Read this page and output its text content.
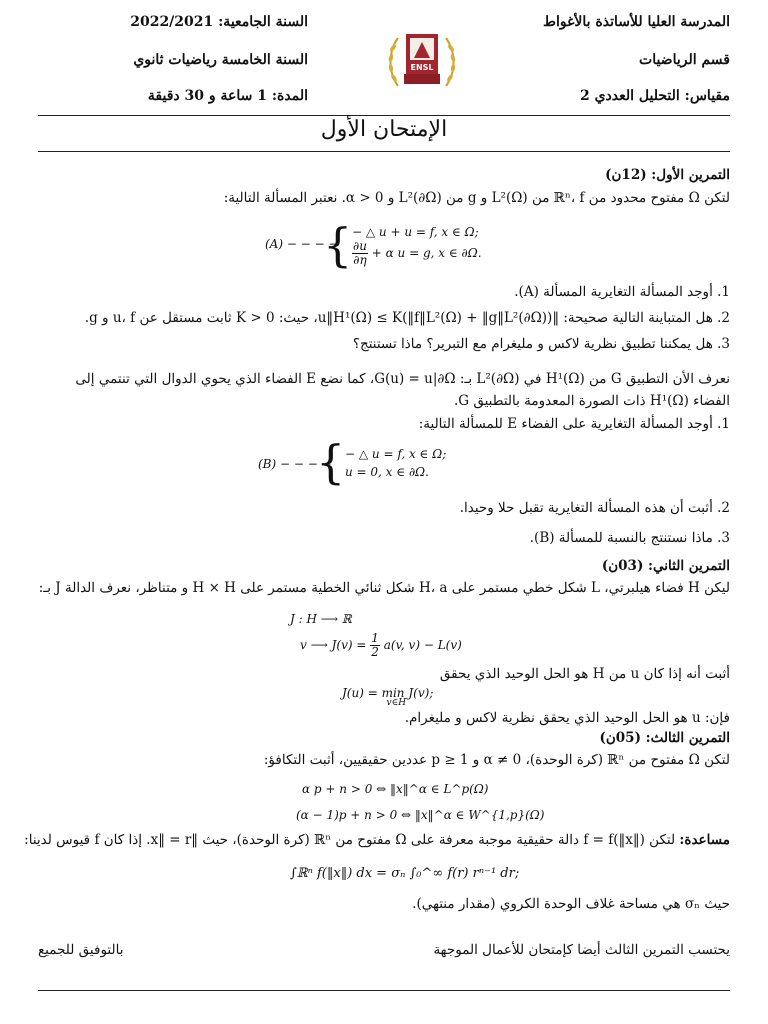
المدرسة العليا للأساتذة بالأغواط
قسم الرياضيات
مقياس: التحليل العددي 2
السنة الجامعية: 2022/2021
السنة الخامسة رياضيات ثانوي
المدة: 1 ساعة و 30 دقيقة
ENSL
الإمتحان الأول
التمرين الأول: (12ن)
لتكن Ω مفتوح محدود من ℝⁿ، f من L²(Ω) و g من L²(∂Ω) و α > 0. نعتبر المسألة التالية:
(A) − − − −
{ − △ u + u = f, x ∈ Ω;
$\frac{\partial u}{\partial\eta} + \alpha$ u = g, x ∈ ∂Ω.
1. أوجد المسألة التغايرية المسألة (A).
2. هل المتباينة التالية صحيحة: ‖u‖H¹(Ω) ≤ K(‖f‖L²(Ω) + ‖g‖L²(∂Ω))، حيث: K > 0 ثابت مستقل عن u، f و g.
3. هل يمكننا تطبيق نظرية لاكس و مليغرام مع التبرير؟ ماذا تستنتج؟
نعرف الأن التطبيق G من H¹(Ω) في L²(∂Ω) بـ: G(u) = u|∂Ω، كما نضع E الفضاء الذي يحوي الدوال التي تنتمي إلى الفضاء H¹(Ω) ذات الصورة المعدومة بالتطبيق G.
1. أوجد المسألة التغايرية على الفضاء E للمسألة التالية:
(B) − − − −
{ − △ u = f, x ∈ Ω;
u = 0, x ∈ ∂Ω.
2. أثبت أن هذه المسألة التغايرية تقبل حلا وحيدا.
3. ماذا نستنتج بالنسبة للمسألة (B).
التمرين الثاني: (03ن)
ليكن H فضاء هيلبرتي، L شكل خطي مستمر على H، a شكل ثنائي الخطية مستمر على H × H و متناظر، نعرف الدالة J بـ:
J : H ⟶ ℝ
v ⟶ $J(v) = \frac{1}{2} a(v$, v) − L(v)
أثبت أنه إذا كان u من H هو الحل الوحيد الذي يحقق
J(u) = min
v∈H
J(v);
فإن: u هو الحل الوحيد الذي يحقق نظرية لاكس و مليغرام.
التمرين الثالث: (05ن)
لتكن Ω مفتوح من ℝⁿ (كرة الوحدة)، α ≠ 0 و p ≥ 1 عددين حقيقيين، أثبت التكافؤ:
α p + n > 0 ⇔ ‖x‖^α ∈ L^p(Ω)
(α − 1)p + n > 0 ⇔ ‖x‖^α ∈ W^{1,p}(Ω)
مساعدة: لتكن f = f(‖x‖) دالة حقيقية موجبة معرفة على Ω مفتوح من ℝⁿ (كرة الوحدة)، حيث ‖x‖ = r. إذا كان f قيوس لدينا:
∫ℝⁿ f(‖x‖) dx = σₙ ∫₀^∞ f(r) rⁿ⁻¹ dr;
حيث σₙ هي مساحة غلاف الوحدة الكروي (مقدار منتهي).
يحتسب التمرين الثالث أيضا كإمتحان للأعمال الموجهة
بالتوفيق للجميع
